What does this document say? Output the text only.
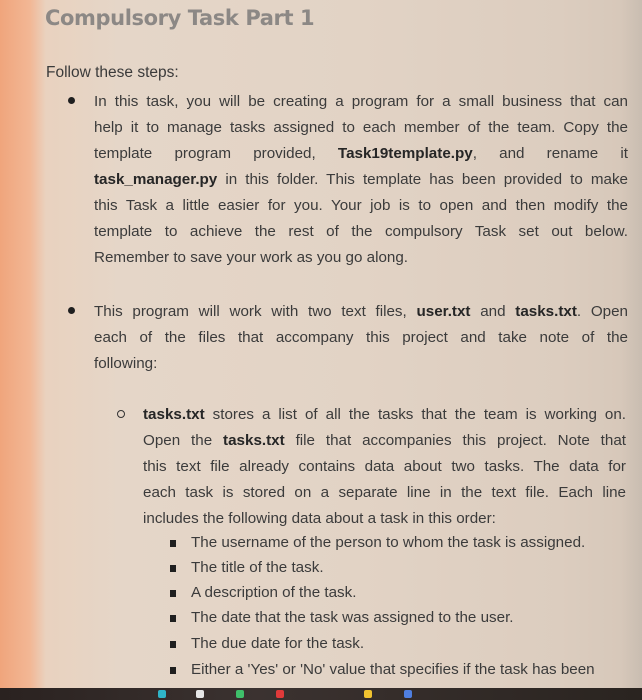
Compulsory Task Part 1
Follow these steps:
In this task, you will be creating a program for a small business that can
help it to manage tasks assigned to each member of the team. Copy the
template program provided, Task19template.py, and rename it
task_manager.py in this folder. This template has been provided to make
this Task a little easier for you. Your job is to open and then modify the
template to achieve the rest of the compulsory Task set out below.
Remember to save your work as you go along.
This program will work with two text files, user.txt and tasks.txt. Open
each of the files that accompany this project and take note of the
following:
tasks.txt stores a list of all the tasks that the team is working on.
Open the tasks.txt file that accompanies this project. Note that
this text file already contains data about two tasks. The data for
each task is stored on a separate line in the text file. Each line
includes the following data about a task in this order:
The username of the person to whom the task is assigned.
The title of the task.
A description of the task.
The date that the task was assigned to the user.
The due date for the task.
Either a 'Yes' or 'No' value that specifies if the task has been
